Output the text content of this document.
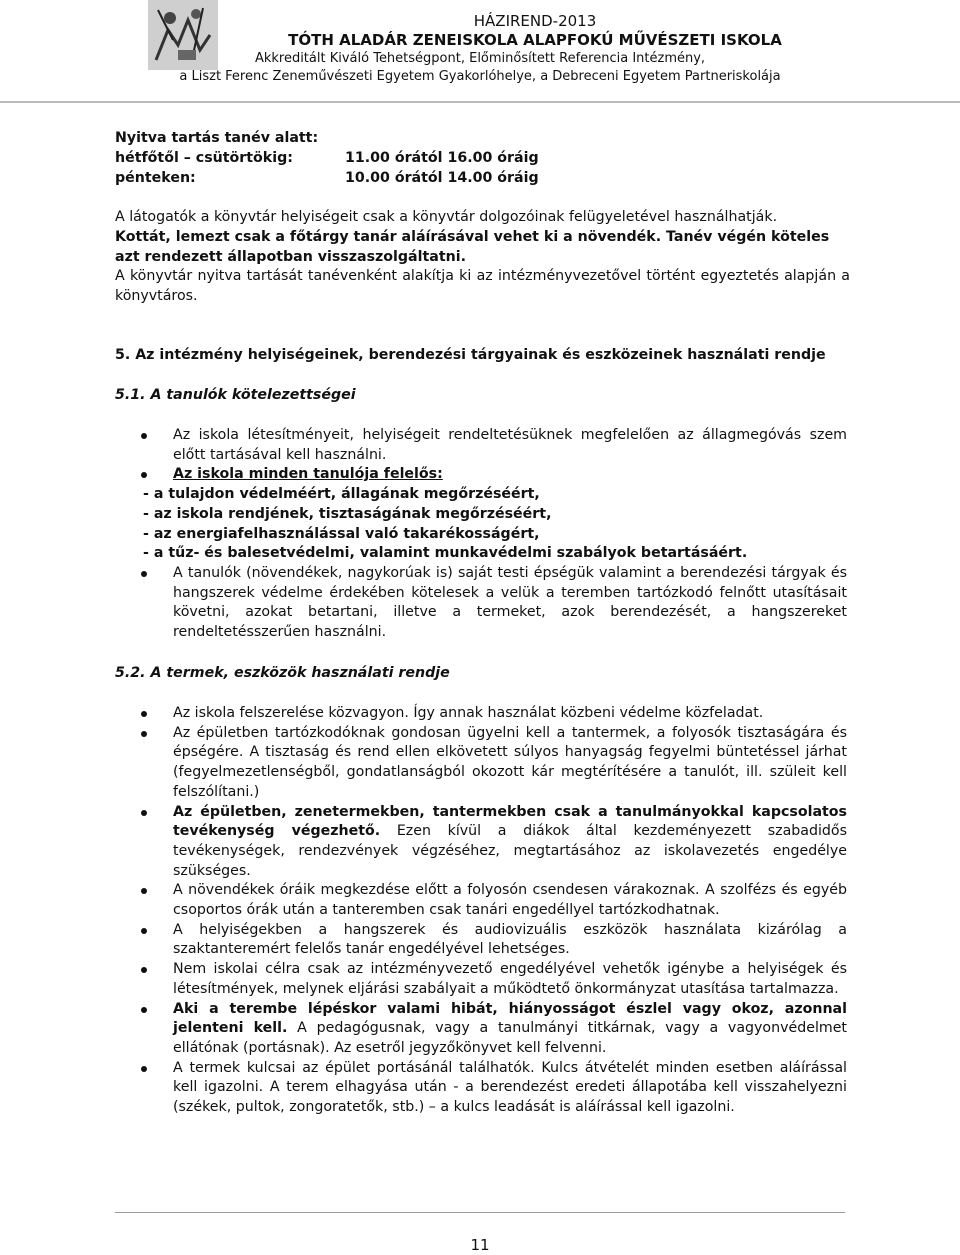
HÁZIREND-2013
TÓTH ALADÁR ZENEISKOLA ALAPFOKÚ MŰVÉSZETI ISKOLA
Akkreditált Kiváló Tehetségpont, Előminősített Referencia Intézmény,
a Liszt Ferenc Zeneművészeti Egyetem Gyakorlóhelye, a Debreceni Egyetem Partneriskolája
Nyitva tartás tanév alatt:
hétfőtől – csütörtökig:	11.00 órától 16.00 óráig
pénteken:	10.00 órától 14.00 óráig
A látogatók a könyvtár helyiségeit csak a könyvtár dolgozóinak felügyeletével használhatják.
Kottát, lemezt csak a főtárgy tanár aláírásával vehet ki a növendék. Tanév végén köteles azt rendezett állapotban visszaszolgáltatni.
A könyvtár nyitva tartását tanévenként alakítja ki az intézményvezetővel történt egyeztetés alapján a könyvtáros.
5. Az intézmény helyiségeinek, berendezési tárgyainak és eszközeinek használati rendje
5.1. A tanulók kötelezettségei
Az iskola létesítményeit, helyiségeit rendeltetésüknek megfelelően az állagmegóvás szem előtt tartásával kell használni.
Az iskola minden tanulója felelős:
- a tulajdon védelméért, állagának megőrzéséért,
- az iskola rendjének, tisztaságának megőrzéséért,
- az energiafelhasználással való takarékosságért,
- a tűz- és balesetvédelmi, valamint munkavédelmi szabályok betartásáért.
A tanulók (növendékek, nagykorúak is) saját testi épségük valamint a berendezési tárgyak és hangszerek védelme érdekében kötelesek a velük a teremben tartózkodó felnőtt utasításait követni, azokat betartani, illetve a termeket, azok berendezését, a hangszereket rendeltetésszerűen használni.
5.2. A termek, eszközök használati rendje
Az iskola felszerelése közvagyon. Így annak használat közbeni védelme közfeladat.
Az épületben tartózkodóknak gondosan ügyelni kell a tantermek, a folyosók tisztaságára és épségére. A tisztaság és rend ellen elkövetett súlyos hanyagság fegyelmi büntetéssel járhat (fegyelmezetlenségből, gondatlanságból okozott kár megtérítésére a tanulót, ill. szüleit kell felszólítani.)
Az épületben, zenetermekben, tantermekben csak a tanulmányokkal kapcsolatos tevékenység végezhető. Ezen kívül a diákok által kezdeményezett szabadidős tevékenységek, rendezvények végzéséhez, megtartásához az iskolavezetés engedélye szükséges.
A növendékek óráik megkezdése előtt a folyosón csendesen várakoznak. A szolfézs és egyéb csoportos órák után a tanteremben csak tanári engedéllyel tartózkodhatnak.
A helyiségekben a hangszerek és audiovizuális eszközök használata kizárólag a szaktanteremért felelős tanár engedélyével lehetséges.
Nem iskolai célra csak az intézményvezető engedélyével vehetők igénybe a helyiségek és létesítmények, melynek eljárási szabályait a működtető önkormányzat utasítása tartalmazza.
Aki a terembe lépéskor valami hibát, hiányosságot észlel vagy okoz, azonnal jelenteni kell. A pedagógusnak, vagy a tanulmányi titkárnak, vagy a vagyonvédelmet ellátónak (portásnak). Az esetről jegyzőkönyvet kell felvenni.
A termek kulcsai az épület portásánál találhatók. Kulcs átvételét minden esetben aláírással kell igazolni. A terem elhagyása után - a berendezést eredeti állapotába kell visszahelyezni (székek, pultok, zongoratetők, stb.) – a kulcs leadását is aláírással kell igazolni.
11
